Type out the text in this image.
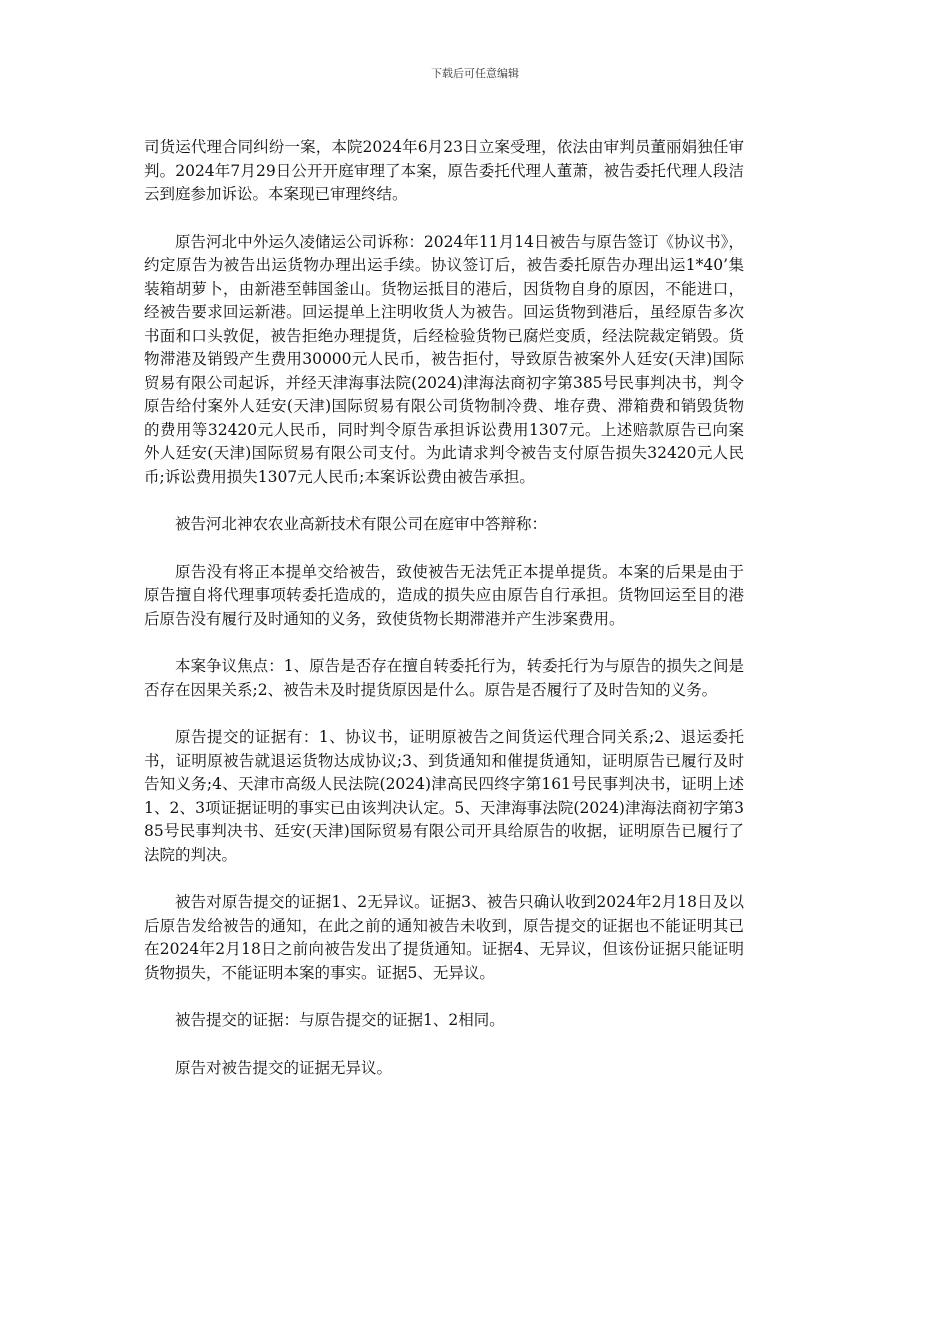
下载后可任意编辑

司货运代理合同纠纷一案，本院2024年6月23日立案受理，依法由审判员董丽娟独任审判。2024年7月29日公开开庭审理了本案，原告委托代理人董萧，被告委托代理人段洁云到庭参加诉讼。本案现已审理终结。

原告河北中外运久凌储运公司诉称：2024年11月14日被告与原告签订《协议书》，约定原告为被告出运货物办理出运手续。协议签订后，被告委托原告办理出运1*40’集装箱胡萝卜，由新港至韩国釜山。货物运抵目的港后，因货物自身的原因，不能进口，经被告要求回运新港。回运提单上注明收货人为被告。回运货物到港后，虽经原告多次书面和口头敦促，被告拒绝办理提货，后经检验货物已腐烂变质，经法院裁定销毁。货物滞港及销毁产生费用30000元人民币，被告拒付，导致原告被案外人廷安(天津)国际贸易有限公司起诉，并经天津海事法院(2024)津海法商初字第385号民事判决书，判令原告给付案外人廷安(天津)国际贸易有限公司货物制冷费、堆存费、滞箱费和销毁货物的费用等32420元人民币，同时判令原告承担诉讼费用1307元。上述赔款原告已向案外人廷安(天津)国际贸易有限公司支付。为此请求判令被告支付原告损失32420元人民币;诉讼费用损失1307元人民币;本案诉讼费由被告承担。

被告河北神农农业高新技术有限公司在庭审中答辩称：

原告没有将正本提单交给被告，致使被告无法凭正本提单提货。本案的后果是由于原告擅自将代理事项转委托造成的，造成的损失应由原告自行承担。货物回运至目的港后原告没有履行及时通知的义务，致使货物长期滞港并产生涉案费用。

本案争议焦点：1、原告是否存在擅自转委托行为，转委托行为与原告的损失之间是否存在因果关系;2、被告未及时提货原因是什么。原告是否履行了及时告知的义务。

原告提交的证据有：1、协议书，证明原被告之间货运代理合同关系;2、退运委托书，证明原被告就退运货物达成协议;3、到货通知和催提货通知，证明原告已履行及时告知义务;4、天津市高级人民法院(2024)津高民四终字第161号民事判决书，证明上述1、2、3项证据证明的事实已由该判决认定。5、天津海事法院(2024)津海法商初字第385号民事判决书、廷安(天津)国际贸易有限公司开具给原告的收据，证明原告已履行了法院的判决。

被告对原告提交的证据1、2无异议。证据3、被告只确认收到2024年2月18日及以后原告发给被告的通知，在此之前的通知被告未收到，原告提交的证据也不能证明其已在2024年2月18日之前向被告发出了提货通知。证据4、无异议，但该份证据只能证明货物损失，不能证明本案的事实。证据5、无异议。

被告提交的证据：与原告提交的证据1、2相同。

原告对被告提交的证据无异议。
